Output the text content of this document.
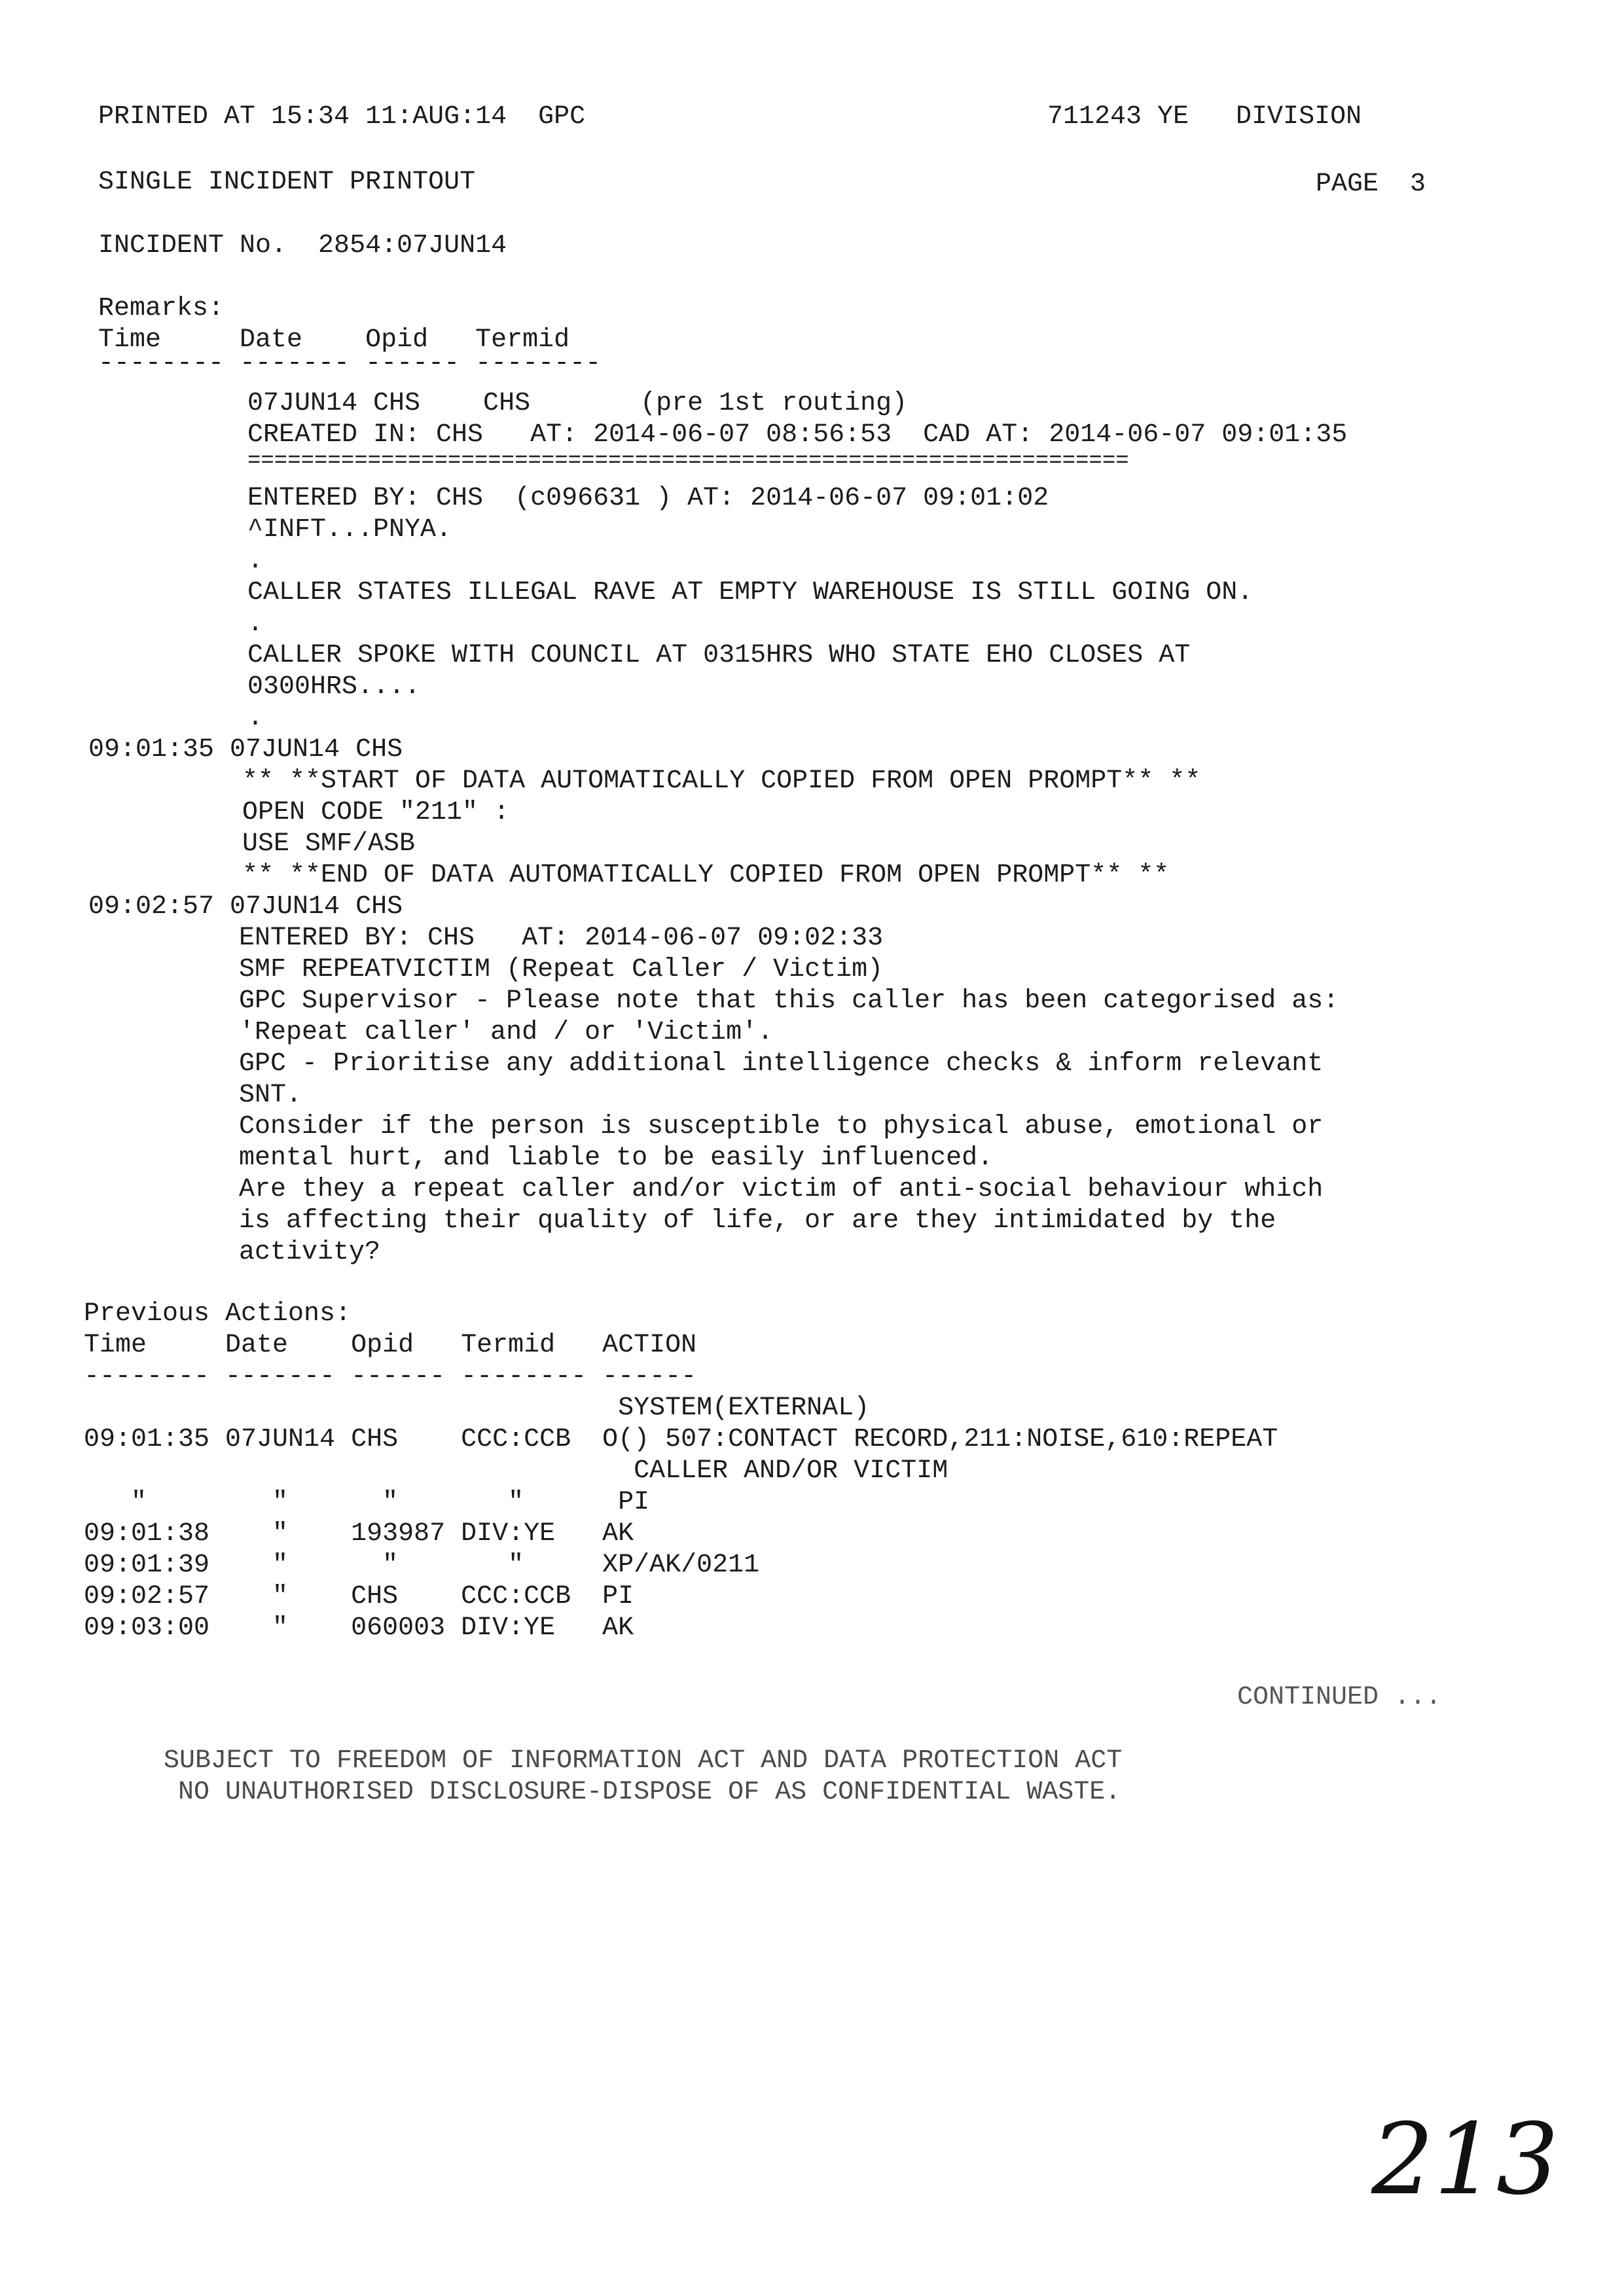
PRINTED AT 15:34 11:AUG:14  GPC	711243 YE   DIVISION
SINGLE INCIDENT PRINTOUT	PAGE  3
INCIDENT No.  2854:07JUN14
Remarks:
Time     Date    Opid   Termid
-------- ------- ------ --------
07JUN14 CHS    CHS       (pre 1st routing)
CREATED IN: CHS   AT: 2014-06-07 08:56:53  CAD AT: 2014-06-07 09:01:35
==================================================================
ENTERED BY: CHS  (c096631 ) AT: 2014-06-07 09:01:02
^INFT...PNYA.
.
CALLER STATES ILLEGAL RAVE AT EMPTY WAREHOUSE IS STILL GOING ON.
.
CALLER SPOKE WITH COUNCIL AT 0315HRS WHO STATE EHO CLOSES AT
0300HRS....
.
09:01:35 07JUN14 CHS
** **START OF DATA AUTOMATICALLY COPIED FROM OPEN PROMPT** **
OPEN CODE "211" :
USE SMF/ASB
** **END OF DATA AUTOMATICALLY COPIED FROM OPEN PROMPT** **
09:02:57 07JUN14 CHS
ENTERED BY: CHS   AT: 2014-06-07 09:02:33
SMF REPEATVICTIM (Repeat Caller / Victim)
GPC Supervisor - Please note that this caller has been categorised as:
'Repeat caller' and / or 'Victim'.
GPC - Prioritise any additional intelligence checks & inform relevant
SNT.
Consider if the person is susceptible to physical abuse, emotional or
mental hurt, and liable to be easily influenced.
Are they a repeat caller and/or victim of anti-social behaviour which
is affecting their quality of life, or are they intimidated by the
activity?
Previous Actions:
Time     Date    Opid   Termid   ACTION
-------- ------- ------ -------- ------
SYSTEM(EXTERNAL)
09:01:35 07JUN14 CHS    CCC:CCB  O() 507:CONTACT RECORD,211:NOISE,610:REPEAT
CALLER AND/OR VICTIM
"        "      "       "      PI
09:01:38    "    193987 DIV:YE   AK
09:01:39    "      "       "     XP/AK/0211
09:02:57    "    CHS    CCC:CCB  PI
09:03:00    "    060003 DIV:YE   AK
CONTINUED ...
SUBJECT TO FREEDOM OF INFORMATION ACT AND DATA PROTECTION ACT
NO UNAUTHORISED DISCLOSURE-DISPOSE OF AS CONFIDENTIAL WASTE.
213
